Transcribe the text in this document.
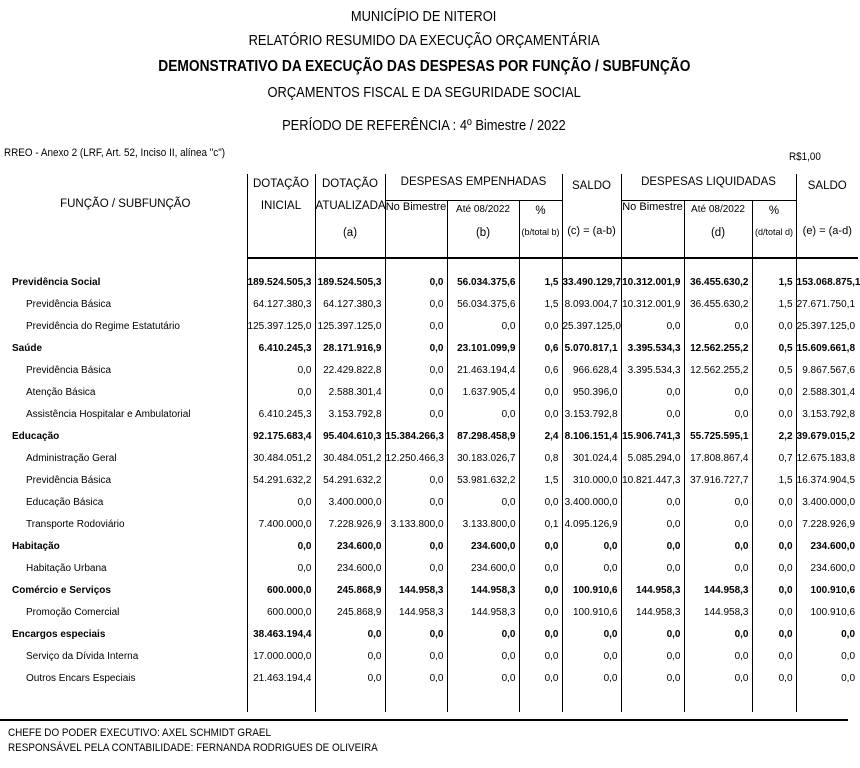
MUNICÍPIO DE NITEROI
RELATÓRIO RESUMIDO DA EXECUÇÃO ORÇAMENTÁRIA
DEMONSTRATIVO DA EXECUÇÃO DAS DESPESAS POR FUNÇÃO / SUBFUNÇÃO
ORÇAMENTOS FISCAL E DA SEGURIDADE SOCIAL
PERÍODO DE REFERÊNCIA : 4º Bimestre / 2022
RREO - Anexo 2 (LRF, Art. 52, Inciso II, alínea "c")	R$1,00
FUNÇÃO / SUBFUNÇÃO	DOTAÇÃO	DOTAÇÃO	DESPESAS EMPENHADAS			SALDO	DESPESAS LIQUIDADAS			SALDO
	INICIAL	ATUALIZADA	No Bimestre	Até 08/2022	%		No Bimestre	Até 08/2022	%	
		(a)		(b)	(b/total b)	(c) = (a-b)		(d)	(d/total d)	(e) = (a-d)

Previdência Social	189.524.505,3	189.524.505,3	0,0	56.034.375,6	1,5	33.490.129,7	10.312.001,9	36.455.630,2	1,5	153.068.875,1
Previdência Básica	64.127.380,3	64.127.380,3	0,0	56.034.375,6	1,5	8.093.004,7	10.312.001,9	36.455.630,2	1,5	27.671.750,1
Previdência do Regime Estatutário	125.397.125,0	125.397.125,0	0,0	0,0	0,0	25.397.125,0	0,0	0,0	0,0	25.397.125,0
Saúde	6.410.245,3	28.171.916,9	0,0	23.101.099,9	0,6	5.070.817,1	3.395.534,3	12.562.255,2	0,5	15.609.661,8
Previdência Básica	0,0	22.429.822,8	0,0	21.463.194,4	0,6	966.628,4	3.395.534,3	12.562.255,2	0,5	9.867.567,6
Atenção Básica	0,0	2.588.301,4	0,0	1.637.905,4	0,0	950.396,0	0,0	0,0	0,0	2.588.301,4
Assistência Hospitalar e Ambulatorial	6.410.245,3	3.153.792,8	0,0	0,0	0,0	3.153.792,8	0,0	0,0	0,0	3.153.792,8
Educação	92.175.683,4	95.404.610,3	15.384.266,3	87.298.458,9	2,4	8.106.151,4	15.906.741,3	55.725.595,1	2,2	39.679.015,2
Administração Geral	30.484.051,2	30.484.051,2	12.250.466,3	30.183.026,7	0,8	301.024,4	5.085.294,0	17.808.867,4	0,7	12.675.183,8
Previdência Básica	54.291.632,2	54.291.632,2	0,0	53.981.632,2	1,5	310.000,0	10.821.447,3	37.916.727,7	1,5	16.374.904,5
Educação Básica	0,0	3.400.000,0	0,0	0,0	0,0	3.400.000,0	0,0	0,0	0,0	3.400.000,0
Transporte Rodoviário	7.400.000,0	7.228.926,9	3.133.800,0	3.133.800,0	0,1	4.095.126,9	0,0	0,0	0,0	7.228.926,9
Habitação	0,0	234.600,0	0,0	234.600,0	0,0	0,0	0,0	0,0	0,0	234.600,0
Habitação Urbana	0,0	234.600,0	0,0	234.600,0	0,0	0,0	0,0	0,0	0,0	234.600,0
Comércio e Serviços	600.000,0	245.868,9	144.958,3	144.958,3	0,0	100.910,6	144.958,3	144.958,3	0,0	100.910,6
Promoção Comercial	600.000,0	245.868,9	144.958,3	144.958,3	0,0	100.910,6	144.958,3	144.958,3	0,0	100.910,6
Encargos especiais	38.463.194,4	0,0	0,0	0,0	0,0	0,0	0,0	0,0	0,0	0,0
Serviço da Dívida Interna	17.000.000,0	0,0	0,0	0,0	0,0	0,0	0,0	0,0	0,0	0,0
Outros Encars Especiais	21.463.194,4	0,0	0,0	0,0	0,0	0,0	0,0	0,0	0,0	0,0

CHEFE DO PODER EXECUTIVO: AXEL SCHMIDT GRAEL
RESPONSÁVEL PELA CONTABILIDADE: FERNANDA RODRIGUES DE OLIVEIRA
